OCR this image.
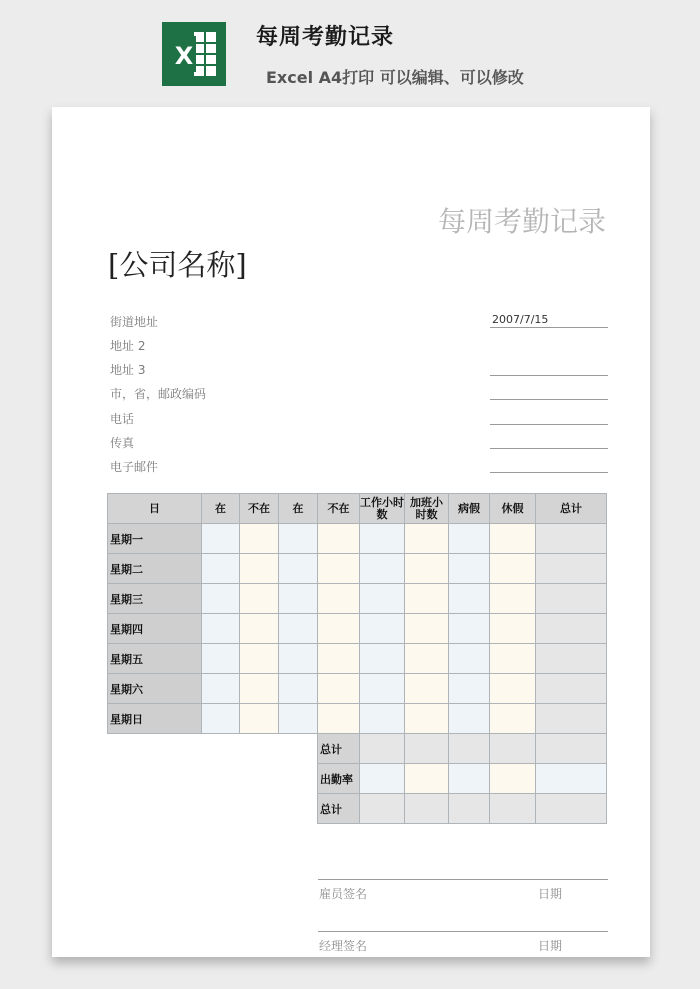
X
每周考勤记录
Excel A4打印 可以编辑、可以修改
每周考勤记录
[公司名称]
街道地址
地址 2
地址 3
市，省，邮政编码
电话
传真
电子邮件
2007/7/15
日	在	不在	在	不在	工作小时数	加班小时数	病假	休假	总计
星期一									
星期二									
星期三									
星期四									
星期五									
星期六									
星期日									
				总计					
				出勤率					
				总计					
雇员签名	日期
经理签名	日期
